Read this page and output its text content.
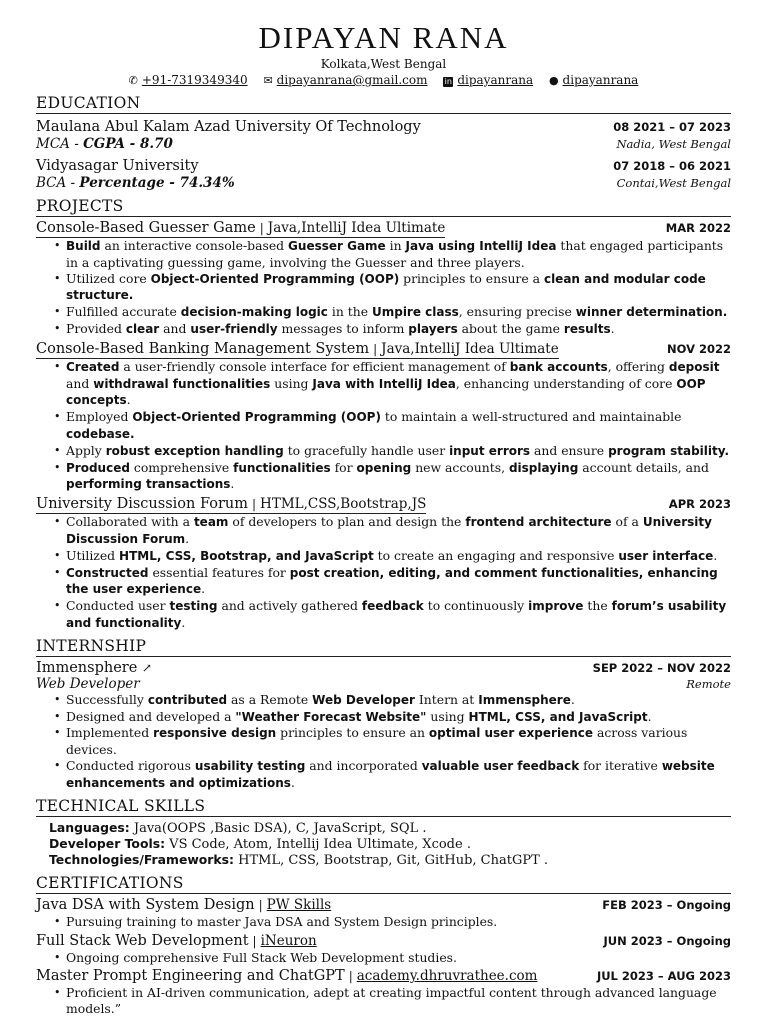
DIPAYAN RANA
Kolkata,West Bengal
✆ +91-7319349340 ✉ dipayanrana@gmail.com in dipayanrana ● dipayanrana
EDUCATION
Maulana Abul Kalam Azad University Of Technology	08 2021 – 07 2023
MCA - CGPA - 8.70	Nadia, West Bengal
Vidyasagar University	07 2018 – 06 2021
BCA - Percentage - 74.34%	Contai,West Bengal
PROJECTS
Console-Based Guesser Game | Java,IntelliJ Idea Ultimate	MAR 2022
• Build an interactive console-based Guesser Game in Java using IntelliJ Idea that engaged participants in a captivating guessing game, involving the Guesser and three players.
• Utilized core Object-Oriented Programming (OOP) principles to ensure a clean and modular code structure.
• Fulfilled accurate decision-making logic in the Umpire class, ensuring precise winner determination.
• Provided clear and user-friendly messages to inform players about the game results.
Console-Based Banking Management System | Java,IntelliJ Idea Ultimate	NOV 2022
• Created a user-friendly console interface for efficient management of bank accounts, offering deposit and withdrawal functionalities using Java with IntelliJ Idea, enhancing understanding of core OOP concepts.
• Employed Object-Oriented Programming (OOP) to maintain a well-structured and maintainable codebase.
• Apply robust exception handling to gracefully handle user input errors and ensure program stability.
• Produced comprehensive functionalities for opening new accounts, displaying account details, and performing transactions.
University Discussion Forum | HTML,CSS,Bootstrap,JS	APR 2023
• Collaborated with a team of developers to plan and design the frontend architecture of a University Discussion Forum.
• Utilized HTML, CSS, Bootstrap, and JavaScript to create an engaging and responsive user interface.
• Constructed essential features for post creation, editing, and comment functionalities, enhancing the user experience.
• Conducted user testing and actively gathered feedback to continuously improve the forum’s usability and functionality.
INTERNSHIP
Immensphere ↗	SEP 2022 – NOV 2022
Web Developer	Remote
• Successfully contributed as a Remote Web Developer Intern at Immensphere.
• Designed and developed a "Weather Forecast Website" using HTML, CSS, and JavaScript.
• Implemented responsive design principles to ensure an optimal user experience across various devices.
• Conducted rigorous usability testing and incorporated valuable user feedback for iterative website enhancements and optimizations.
TECHNICAL SKILLS
Languages: Java(OOPS ,Basic DSA), C, JavaScript, SQL .
Developer Tools: VS Code, Atom, Intellij Idea Ultimate, Xcode .
Technologies/Frameworks: HTML, CSS, Bootstrap, Git, GitHub, ChatGPT .
CERTIFICATIONS
Java DSA with System Design | PW Skills	FEB 2023 – Ongoing
• Pursuing training to master Java DSA and System Design principles.
Full Stack Web Development | iNeuron	JUN 2023 – Ongoing
• Ongoing comprehensive Full Stack Web Development studies.
Master Prompt Engineering and ChatGPT | academy.dhruvrathee.com	JUL 2023 – AUG 2023
• Proficient in AI-driven communication, adept at creating impactful content through advanced language models.”
